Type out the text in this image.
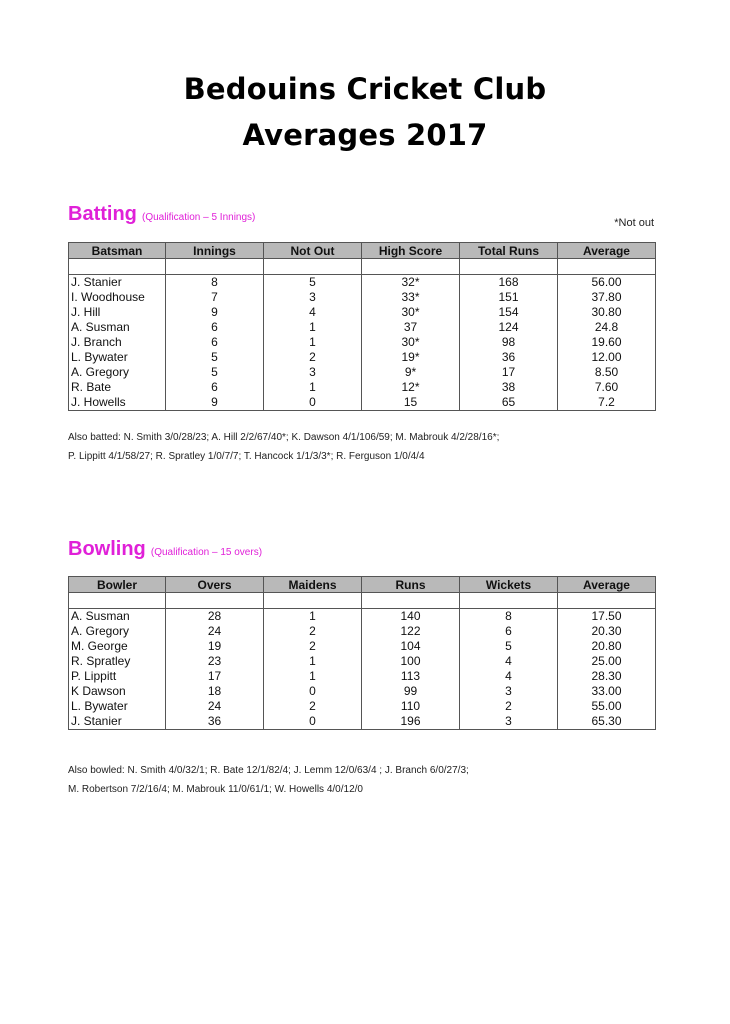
Bedouins Cricket Club
Averages 2017
Batting (Qualification – 5 Innings)	*Not out
Batsman	Innings	Not Out	High Score	Total Runs	Average

J. Stanier	8	5	32*	168	56.00
I. Woodhouse	7	3	33*	151	37.80
J. Hill	9	4	30*	154	30.80
A. Susman	6	1	37	124	24.8
J. Branch	6	1	30*	98	19.60
L. Bywater	5	2	19*	36	12.00
A. Gregory	5	3	9*	17	8.50
R. Bate	6	1	12*	38	7.60
J. Howells	9	0	15	65	7.2
Also batted: N. Smith 3/0/28/23; A. Hill 2/2/67/40*; K. Dawson 4/1/106/59; M. Mabrouk 4/2/28/16*;
P. Lippitt 4/1/58/27; R. Spratley 1/0/7/7; T. Hancock 1/1/3/3*; R. Ferguson 1/0/4/4
Bowling (Qualification – 15 overs)
Bowler	Overs	Maidens	Runs	Wickets	Average

A. Susman	28	1	140	8	17.50
A. Gregory	24	2	122	6	20.30
M. George	19	2	104	5	20.80
R. Spratley	23	1	100	4	25.00
P. Lippitt	17	1	113	4	28.30
K Dawson	18	0	99	3	33.00
L. Bywater	24	2	110	2	55.00
J. Stanier	36	0	196	3	65.30
Also bowled: N. Smith 4/0/32/1; R. Bate 12/1/82/4; J. Lemm 12/0/63/4 ; J. Branch 6/0/27/3;
M. Robertson 7/2/16/4; M. Mabrouk 11/0/61/1; W. Howells 4/0/12/0
